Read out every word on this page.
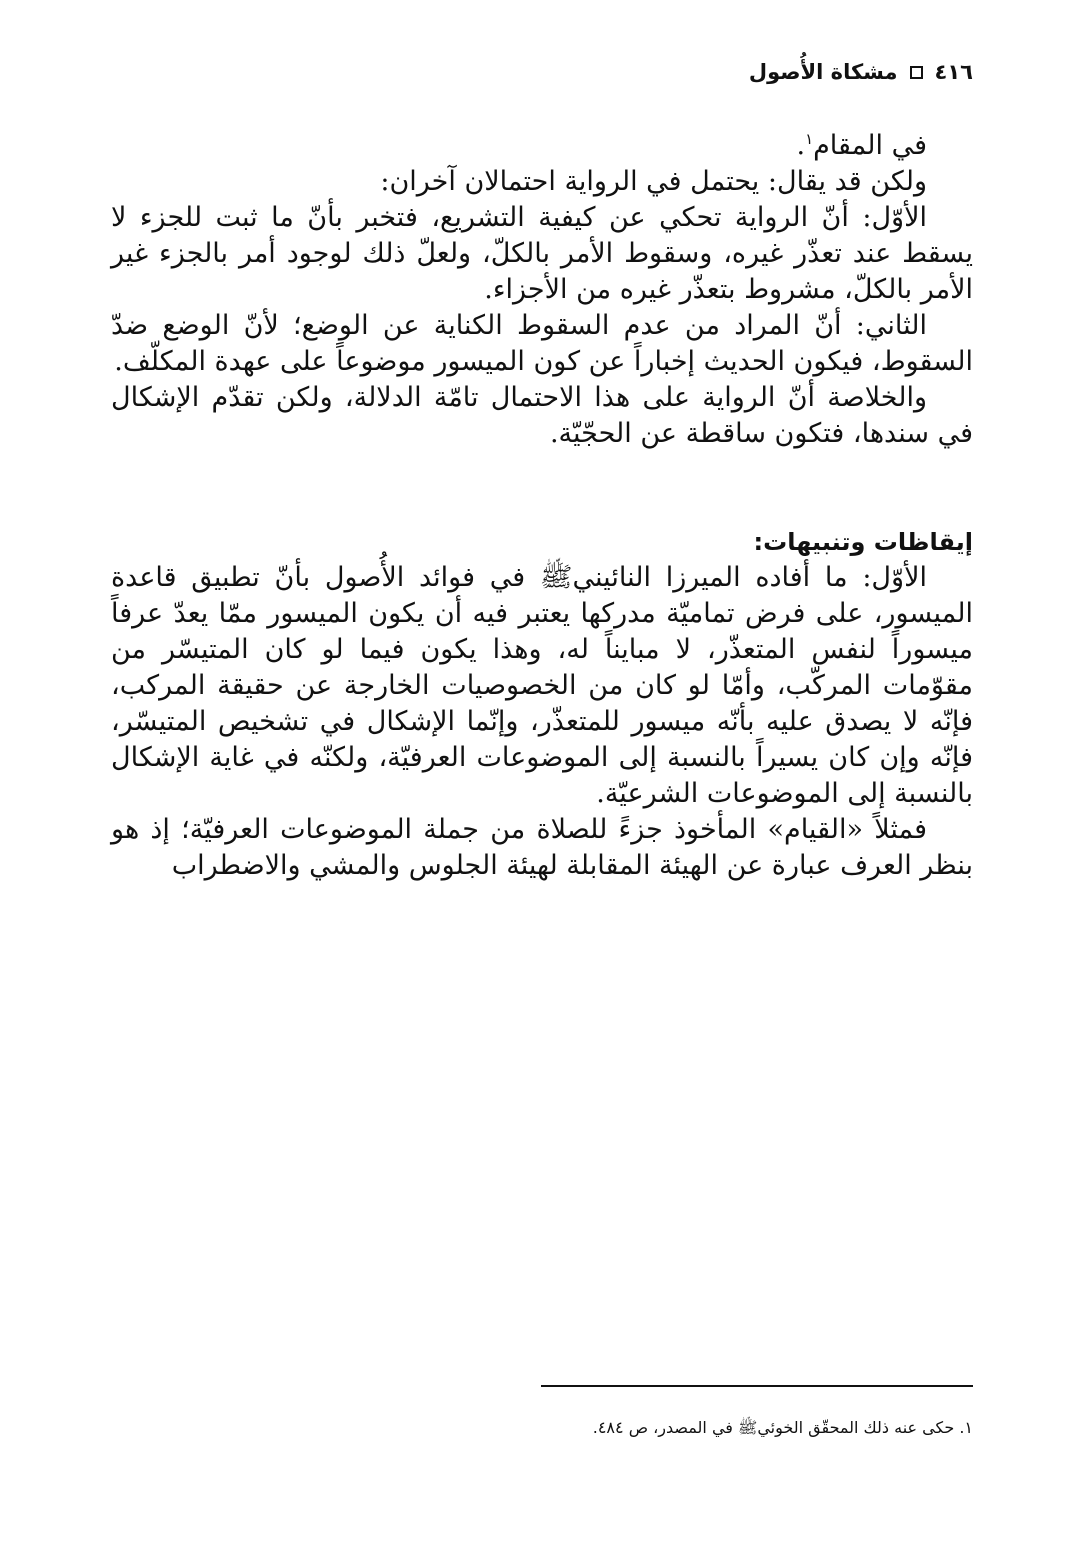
٤١٦
مشكاة الأُصول

في المقام$^١$.

ولكن قد يقال: يحتمل في الرواية احتمالان آخران:

الأوّل: أنّ الرواية تحكي عن كيفية التشريع، فتخبر بأنّ ما ثبت للجزء لا يسقط عند تعذّر غيره، وسقوط الأمر بالكلّ، ولعلّ ذلك لوجود أمر بالجزء غير الأمر بالكلّ، مشروط بتعذّر غيره من الأجزاء.

الثاني: أنّ المراد من عدم السقوط الكناية عن الوضع؛ لأنّ الوضع ضدّ السقوط، فيكون الحديث إخباراً عن كون الميسور موضوعاً على عهدة المكلّف.

والخلاصة أنّ الرواية على هذا الاحتمال تامّة الدلالة، ولكن تقدّم الإشكال في سندها، فتكون ساقطة عن الحجّيّة.

إيقاظات وتنبيهات:

الأوّل: ما أفاده الميرزا النائينيﷺ في فوائد الأُصول بأنّ تطبيق قاعدة الميسور، على فرض تماميّة مدركها يعتبر فيه أن يكون الميسور ممّا يعدّ عرفاً ميسوراً لنفس المتعذّر، لا مبايناً له، وهذا يكون فيما لو كان المتيسّر من مقوّمات المركّب، وأمّا لو كان من الخصوصيات الخارجة عن حقيقة المركب، فإنّه لا يصدق عليه بأنّه ميسور للمتعذّر، وإنّما الإشكال في تشخيص المتيسّر، فإنّه وإن كان يسيراً بالنسبة إلى الموضوعات العرفيّة، ولكنّه في غاية الإشكال بالنسبة إلى الموضوعات الشرعيّة.

فمثلاً «القيام» المأخوذ جزءً للصلاة من جملة الموضوعات العرفيّة؛ إذ هو بنظر العرف عبارة عن الهيئة المقابلة لهيئة الجلوس والمشي والاضطراب

١. حكى عنه ذلك المحقّق الخوئيﷺ في المصدر، ص ٤٨٤.
